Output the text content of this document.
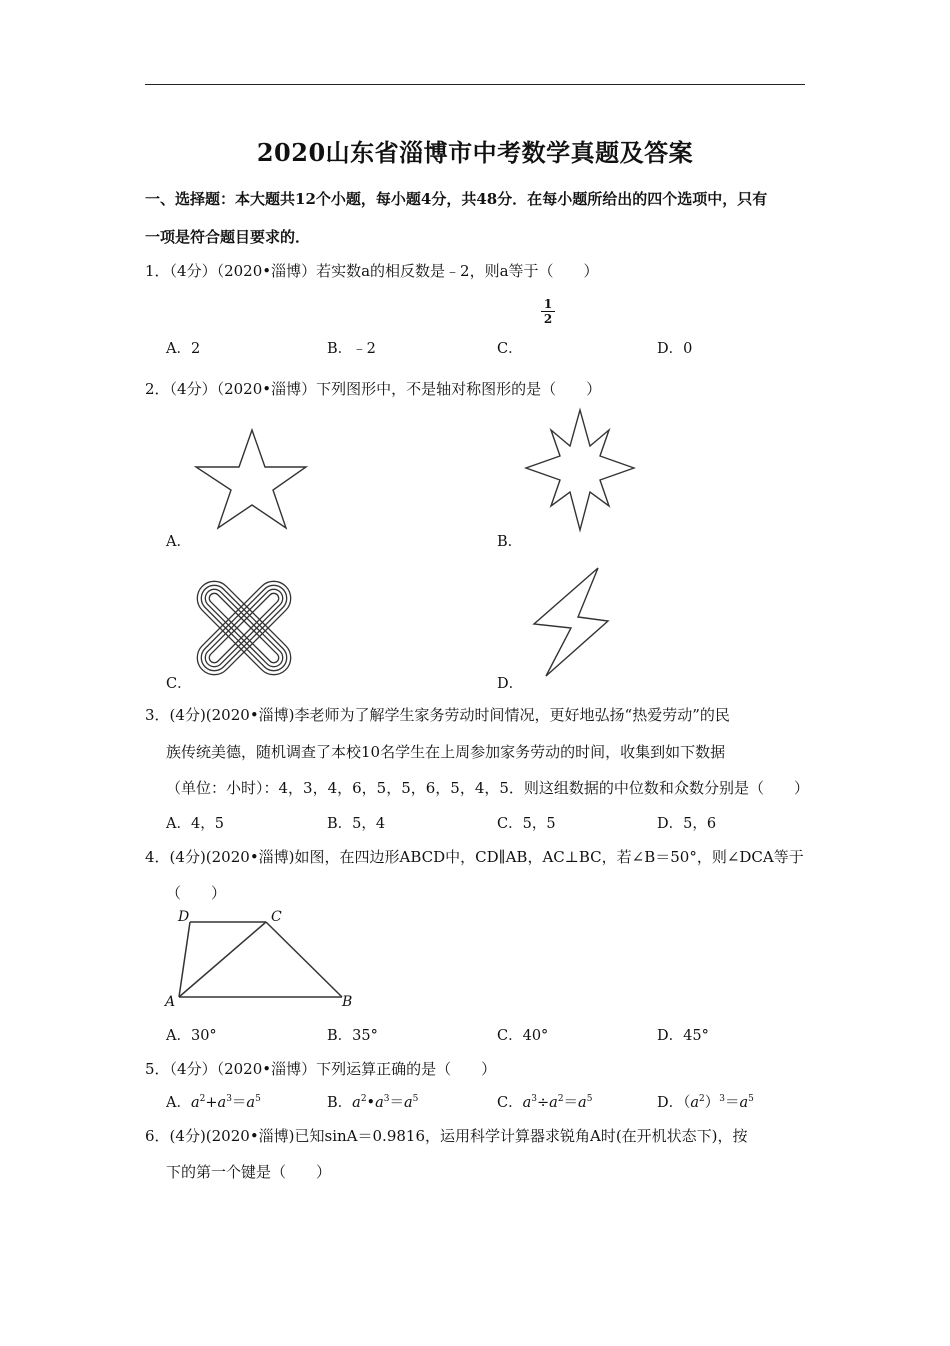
2020山东省淄博市中考数学真题及答案
一、选择题：本大题共12个小题，每小题4分，共48分．在每小题所给出的四个选项中，只有
一项是符合题目要求的．
1．（4分）（2020•淄博）若实数a的相反数是﹣2，则a等于（　　）
A．2	B．﹣2	C．
$\frac{1}{2}$
D．0
2．（4分）（2020•淄博）下列图形中，不是轴对称图形的是（　　）
A．	B．
C．	D．
3．(4分)(2020•淄博)李老师为了解学生家务劳动时间情况，更好地弘扬“热爱劳动”的民
族传统美德，随机调查了本校10名学生在上周参加家务劳动的时间，收集到如下数据
（单位：小时）：4，3，4，6，5，5，6，5，4，5．则这组数据的中位数和众数分别是（　　）
A．4，5	B．5，4	C．5，5	D．5，6
4．(4分)(2020•淄博)如图，在四边形ABCD中，CD∥AB，AC⊥BC，若∠B＝50°，则∠DCA等于
（　　）
D	C
A	B
A．30°	B．35°	C．40°	D．45°
5．（4分）（2020•淄博）下列运算正确的是（　　）
A．$a^2+a^3=a^5$	B．$a^2•a^3=a^5$	C．$a^3\div a^2=a^5$	D．$(a^2)^3=a^5$
6．(4分)(2020•淄博)已知sinA＝0.9816，运用科学计算器求锐角A时(在开机状态下)，按
下的第一个键是（　　）
